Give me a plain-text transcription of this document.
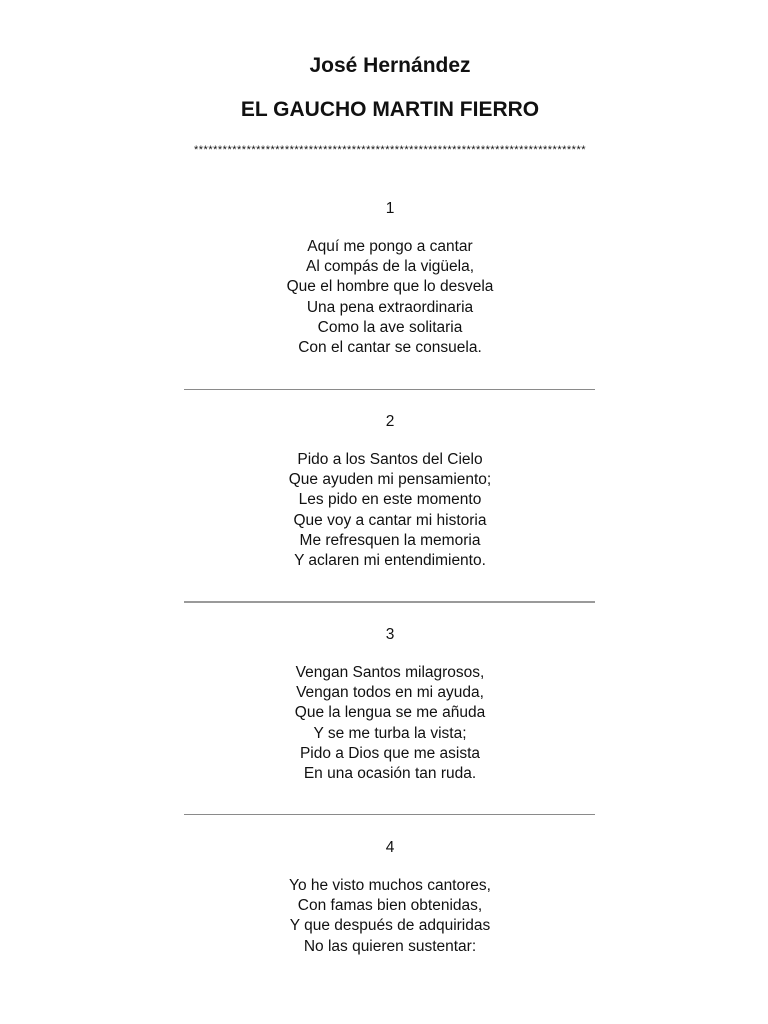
José Hernández
EL GAUCHO MARTIN FIERRO
**********************************************************************************
1
Aquí me pongo a cantar
Al compás de la vigüela,
Que el hombre que lo desvela
Una pena extraordinaria
Como la ave solitaria
Con el cantar se consuela.
2
Pido a los Santos del Cielo
Que ayuden mi pensamiento;
Les pido en este momento
Que voy a cantar mi historia
Me refresquen la memoria
Y aclaren mi entendimiento.
3
Vengan Santos milagrosos,
Vengan todos en mi ayuda,
Que la lengua se me añuda
Y se me turba la vista;
Pido a Dios que me asista
En una ocasión tan ruda.
4
Yo he visto muchos cantores,
Con famas bien obtenidas,
Y que después de adquiridas
No las quieren sustentar:
